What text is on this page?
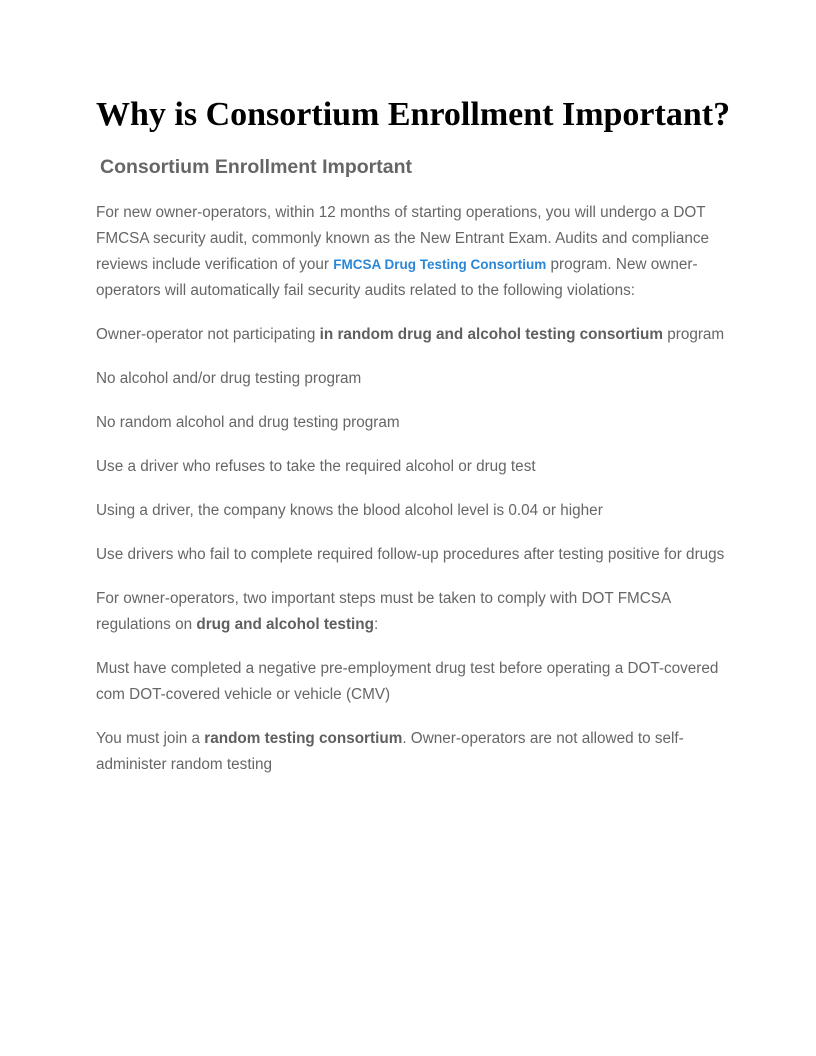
Why is Consortium Enrollment Important?
Consortium Enrollment Important

For new owner-operators, within 12 months of starting operations, you will undergo a DOT FMCSA security audit, commonly known as the New Entrant Exam. Audits and compliance reviews include verification of your FMCSA Drug Testing Consortium program. New owner-operators will automatically fail security audits related to the following violations:

Owner-operator not participating in random drug and alcohol testing consortium program

No alcohol and/or drug testing program

No random alcohol and drug testing program

Use a driver who refuses to take the required alcohol or drug test

Using a driver, the company knows the blood alcohol level is 0.04 or higher

Use drivers who fail to complete required follow-up procedures after testing positive for drugs

For owner-operators, two important steps must be taken to comply with DOT FMCSA regulations on drug and alcohol testing:

Must have completed a negative pre-employment drug test before operating a DOT-covered com DOT-covered vehicle or vehicle (CMV)

You must join a random testing consortium. Owner-operators are not allowed to self-administer random testing
